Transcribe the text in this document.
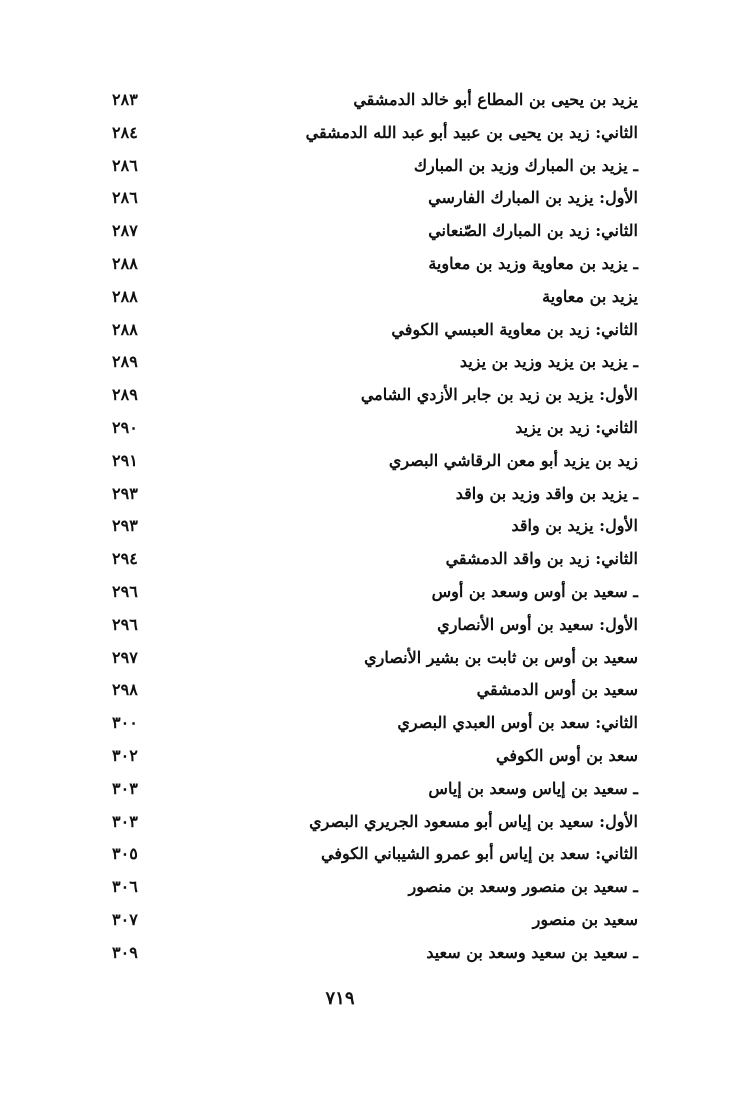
يزيد بن يحيى بن المطاع أبو خالد الدمشقي
٢٨٣
الثاني: زيد بن يحيى بن عبيد أبو عبد الله الدمشقي
٢٨٤
ـ يزيد بن المبارك وزيد بن المبارك
٢٨٦
الأول: يزيد بن المبارك الفارسي
٢٨٦
الثاني: زيد بن المبارك الصّنعاني
٢٨٧
ـ يزيد بن معاوية وزيد بن معاوية
٢٨٨
يزيد بن معاوية
٢٨٨
الثاني: زيد بن معاوية العبسي الكوفي
٢٨٨
ـ يزيد بن يزيد وزيد بن يزيد
٢٨٩
الأول: يزيد بن زيد بن جابر الأزدي الشامي
٢٨٩
الثاني: زيد بن يزيد
٢٩٠
زيد بن يزيد أبو معن الرقاشي البصري
٢٩١
ـ يزيد بن واقد وزيد بن واقد
٢٩٣
الأول: يزيد بن واقد
٢٩٣
الثاني: زيد بن واقد الدمشقي
٢٩٤
ـ سعيد بن أوس وسعد بن أوس
٢٩٦
الأول: سعيد بن أوس الأنصاري
٢٩٦
سعيد بن أوس بن ثابت بن بشير الأنصاري
٢٩٧
سعيد بن أوس الدمشقي
٢٩٨
الثاني: سعد بن أوس العبدي البصري
٣٠٠
سعد بن أوس الكوفي
٣٠٢
ـ سعيد بن إياس وسعد بن إياس
٣٠٣
الأول: سعيد بن إياس أبو مسعود الجريري البصري
٣٠٣
الثاني: سعد بن إياس أبو عمرو الشيباني الكوفي
٣٠٥
ـ سعيد بن منصور وسعد بن منصور
٣٠٦
سعيد بن منصور
٣٠٧
ـ سعيد بن سعيد وسعد بن سعيد
٣٠٩
٧١٩
